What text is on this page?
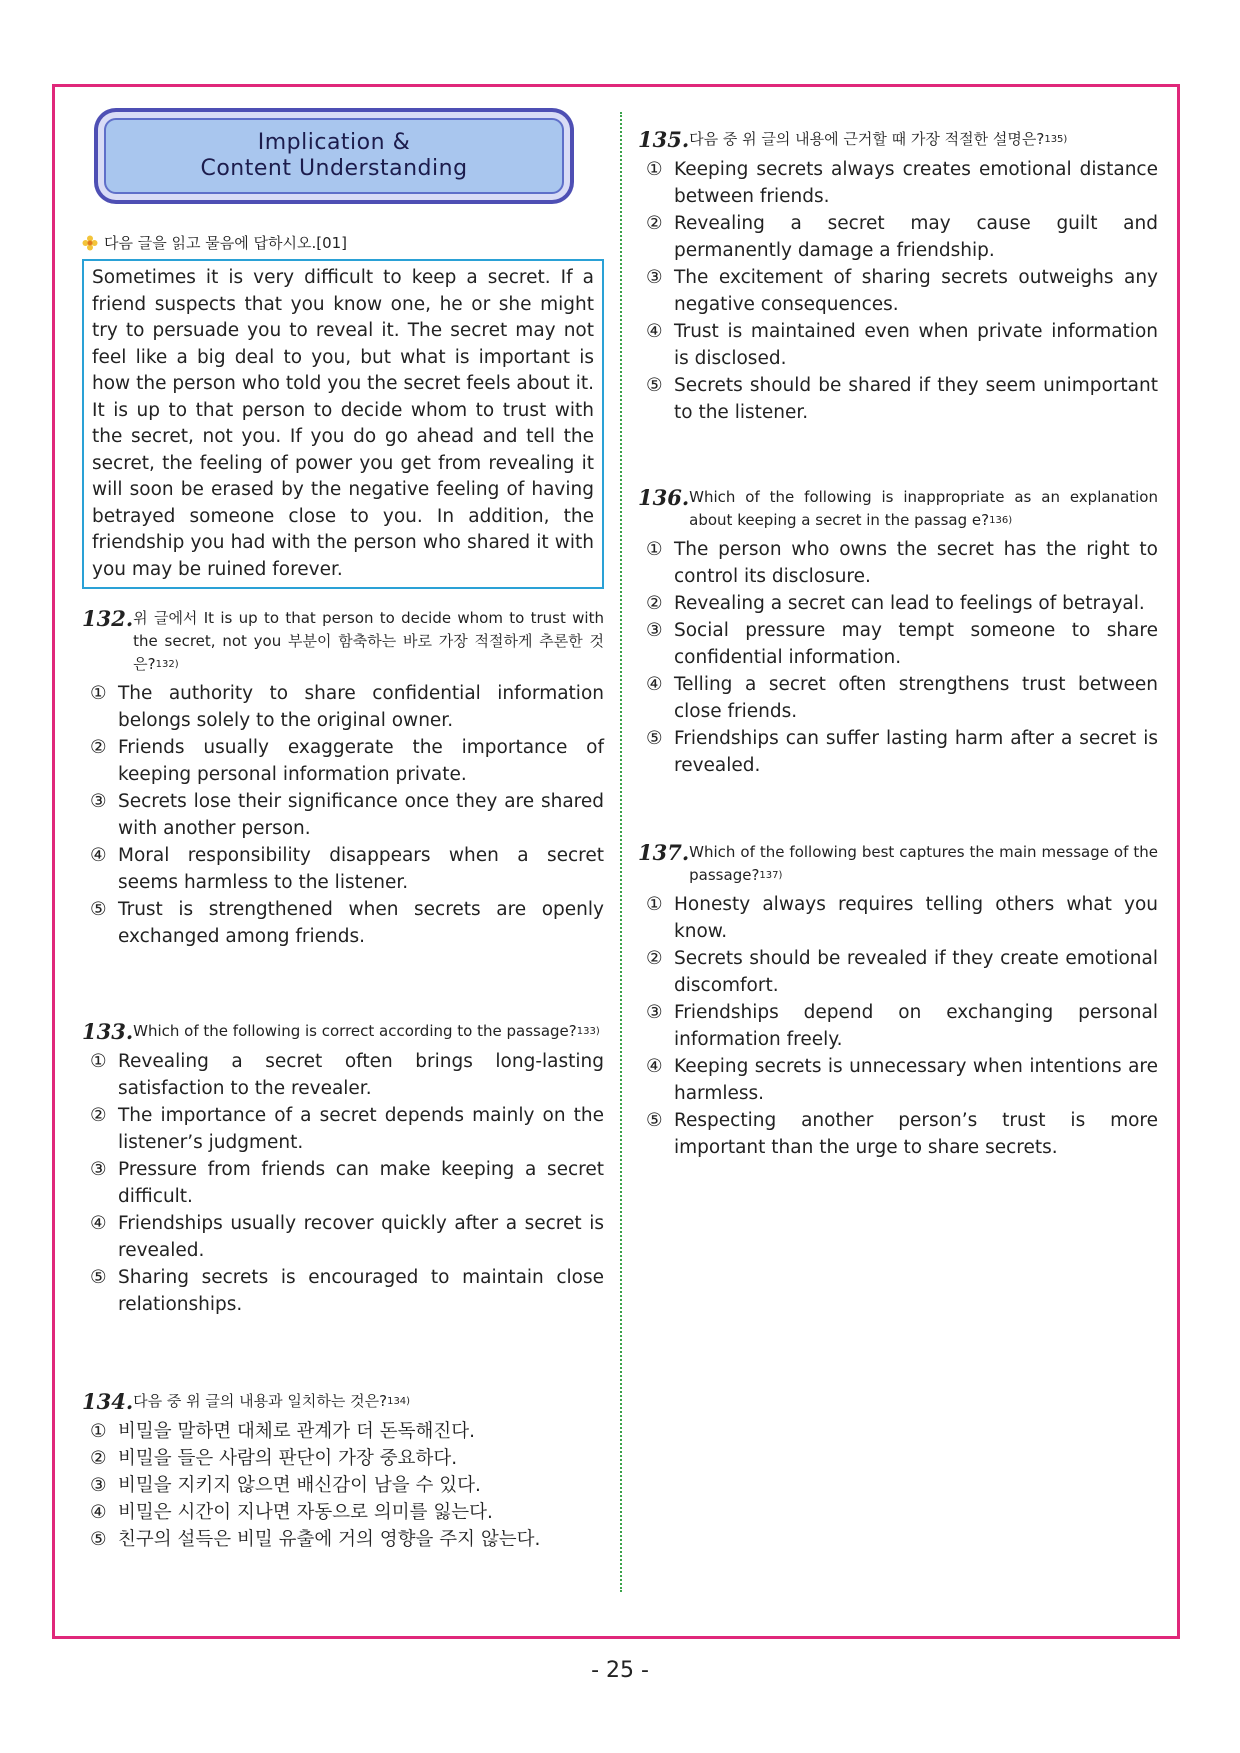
Implication &
Content Understanding
다음 글을 읽고 물음에 답하시오.[01]
Sometimes it is very difficult to keep a secret. If a friend suspects that you know one, he or she might try to persuade you to reveal it. The secret may not feel like a big deal to you, but what is important is how the person who told you the secret feels about it. It is up to that person to decide whom to trust with the secret, not you. If you do go ahead and tell the secret, the feeling of power you get from revealing it will soon be erased by the negative feeling of having betrayed someone close to you. In addition, the friendship you had with the person who shared it with you may be ruined forever.
132. 위 글에서 It is up to that person to decide whom to trust with the secret, not you 부분이 함축하는 바로 가장 적절하게 추론한 것은?$^{132)}$
① The authority to share confidential information belongs solely to the original owner.
② Friends usually exaggerate the importance of keeping personal information private.
③ Secrets lose their significance once they are shared with another person.
④ Moral responsibility disappears when a secret seems harmless to the listener.
⑤ Trust is strengthened when secrets are openly exchanged among friends.
133. Which of the following is correct according to the passage?$^{133)}$
① Revealing a secret often brings long-lasting satisfaction to the revealer.
② The importance of a secret depends mainly on the listener’s judgment.
③ Pressure from friends can make keeping a secret difficult.
④ Friendships usually recover quickly after a secret is revealed.
⑤ Sharing secrets is encouraged to maintain close relationships.
134. 다음 중 위 글의 내용과 일치하는 것은?$^{134)}$
① 비밀을 말하면 대체로 관계가 더 돈독해진다.
② 비밀을 들은 사람의 판단이 가장 중요하다.
③ 비밀을 지키지 않으면 배신감이 남을 수 있다.
④ 비밀은 시간이 지나면 자동으로 의미를 잃는다.
⑤ 친구의 설득은 비밀 유출에 거의 영향을 주지 않는다.
135. 다음 중 위 글의 내용에 근거할 때 가장 적절한 설명은?$^{135)}$
① Keeping secrets always creates emotional distance between friends.
② Revealing a secret may cause guilt and permanently damage a friendship.
③ The excitement of sharing secrets outweighs any negative consequences.
④ Trust is maintained even when private information is disclosed.
⑤ Secrets should be shared if they seem unimportant to the listener.
136. Which of the following is inappropriate as an explanation about keeping a secret in the passag e?$^{136)}$
① The person who owns the secret has the right to control its disclosure.
② Revealing a secret can lead to feelings of betrayal.
③ Social pressure may tempt someone to share confidential information.
④ Telling a secret often strengthens trust between close friends.
⑤ Friendships can suffer lasting harm after a secret is revealed.
137. Which of the following best captures the main message of the passage?$^{137)}$
① Honesty always requires telling others what you know.
② Secrets should be revealed if they create emotional discomfort.
③ Friendships depend on exchanging personal information freely.
④ Keeping secrets is unnecessary when intentions are harmless.
⑤ Respecting another person’s trust is more important than the urge to share secrets.
- 25 -
